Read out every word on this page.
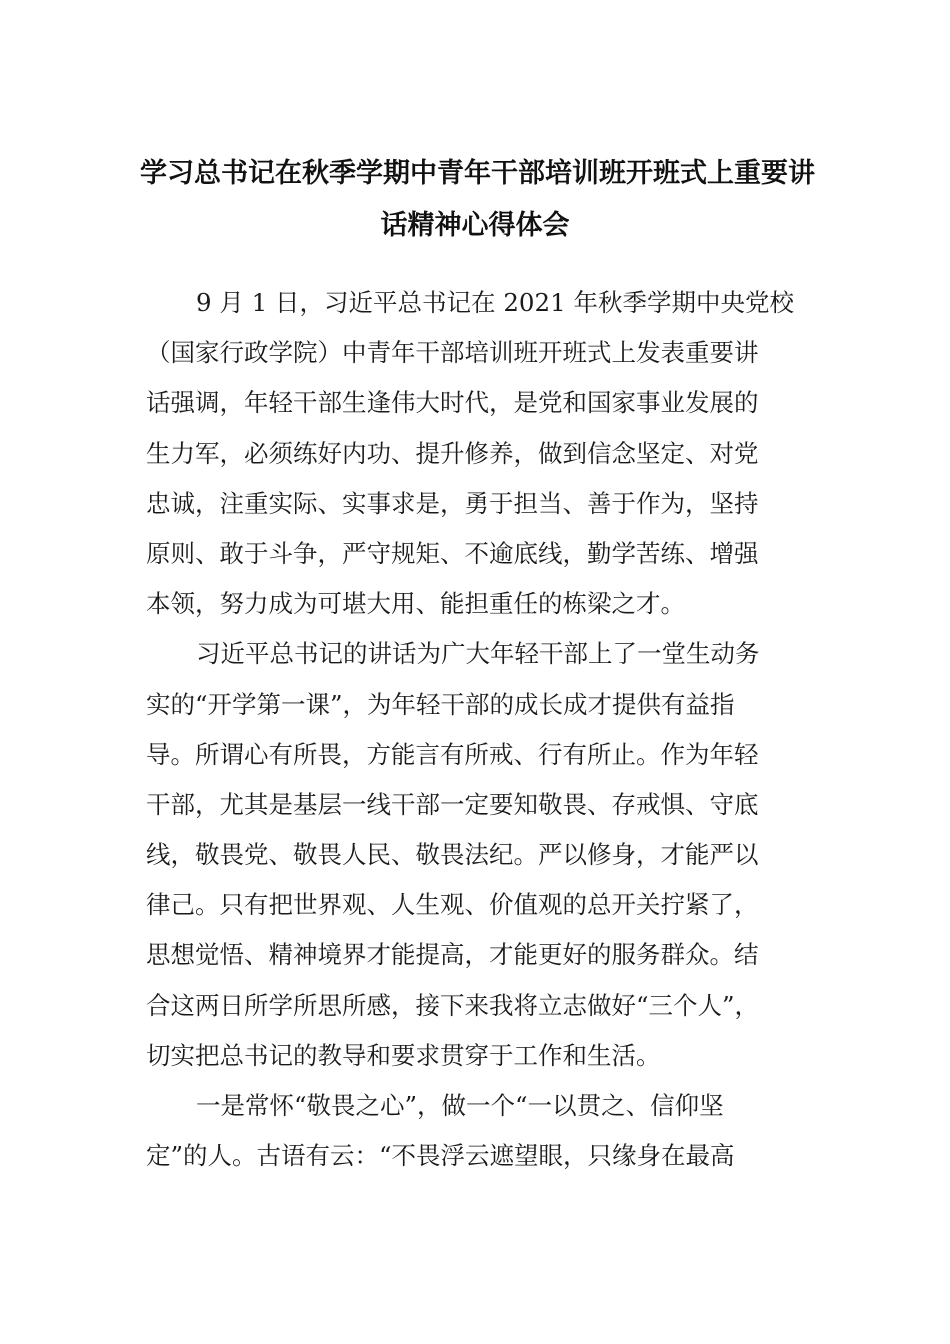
学习总书记在秋季学期中青年干部培训班开班式上重要讲
话精神心得体会
9 月 1 日，习近平总书记在 2021 年秋季学期中央党校
（国家行政学院）中青年干部培训班开班式上发表重要讲
话强调，年轻干部生逢伟大时代，是党和国家事业发展的
生力军，必须练好内功、提升修养，做到信念坚定、对党
忠诚，注重实际、实事求是，勇于担当、善于作为，坚持
原则、敢于斗争，严守规矩、不逾底线，勤学苦练、增强
本领，努力成为可堪大用、能担重任的栋梁之才。
习近平总书记的讲话为广大年轻干部上了一堂生动务
实的“开学第一课”，为年轻干部的成长成才提供有益指
导。所谓心有所畏，方能言有所戒、行有所止。作为年轻
干部，尤其是基层一线干部一定要知敬畏、存戒惧、守底
线，敬畏党、敬畏人民、敬畏法纪。严以修身，才能严以
律己。只有把世界观、人生观、价值观的总开关拧紧了，
思想觉悟、精神境界才能提高，才能更好的服务群众。结
合这两日所学所思所感，接下来我将立志做好“三个人”，
切实把总书记的教导和要求贯穿于工作和生活。
一是常怀“敬畏之心”，做一个“一以贯之、信仰坚
定”的人。古语有云：“不畏浮云遮望眼，只缘身在最高
